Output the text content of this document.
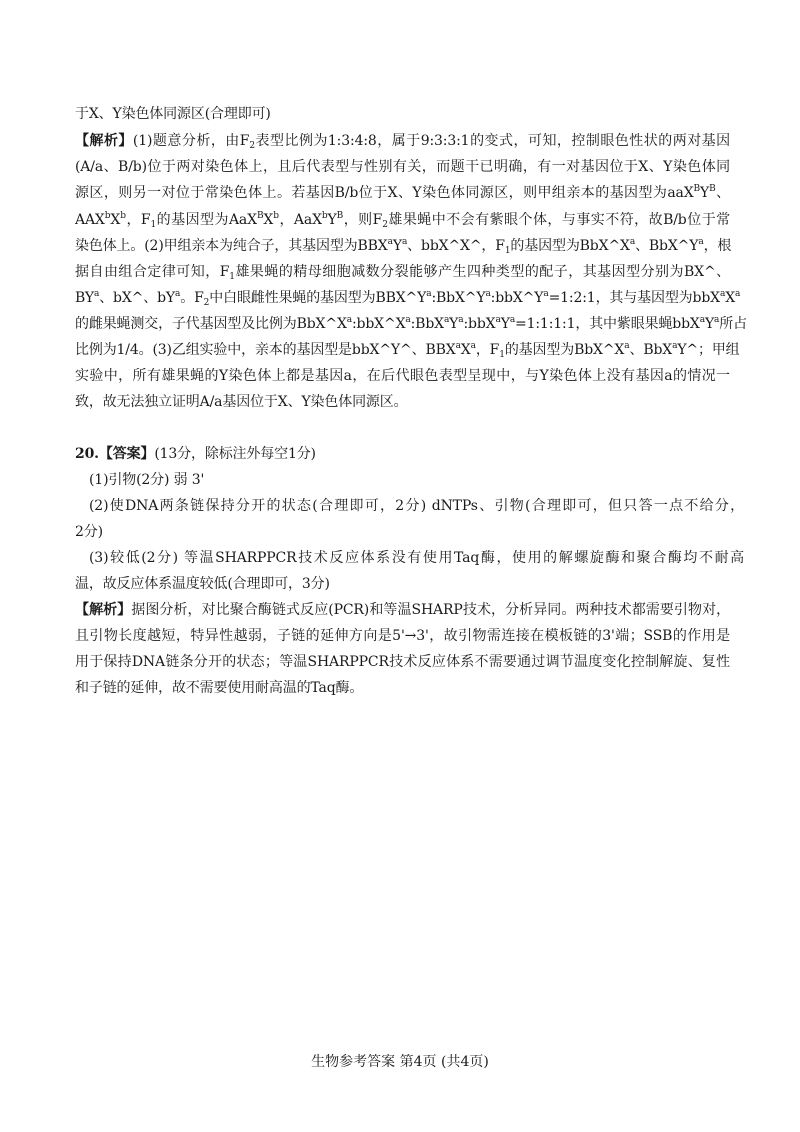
于X、Y染色体同源区(合理即可)
【解析】(1)题意分析，由$F_2$表型比例为1:3:4:8，属于9:3:3:1的变式，可知，控制眼色性状的两对基因
(A/a、B/b)位于两对染色体上，且后代表型与性别有关，而题干已明确，有一对基因位于X、Y染色体同
源区，则另一对位于常染色体上。若基因B/b位于X、Y染色体同源区，则甲组亲本的基因型为$aaX^BY^B$、
$AAX^bX^b$，$F_1$的基因型为$AaX^BX^b$，$AaX^bY^B$，则$F_2$雄果蝇中不会有紫眼个体，与事实不符，故B/b位于常
染色体上。(2)甲组亲本为纯合子，其基因型为$BBX^aY^a$、bbX^X^，$F_1$的基因型为$BbX\^{}X^a$、$BbX\^{}Y^a$，根
据自由组合定律可知，$F_1$雄果蝇的精母细胞减数分裂能够产生四种类型的配子，其基因型分别为BX^、
$BY^a$、bX^、$bY^a$。$F_2$中白眼雌性果蝇的基因型为$BBX\^{}Y^a:BbX\^{}Y^a:bbX\^{}Y^a=1:2:1$，其与基因型为$bbX^aX^a$
的雌果蝇测交，子代基因型及比例为$BbX\^{}X^a:bbX\^{}X^a:BbX^aY^a:bbX^aY^a=1:1:1:1$，其中紫眼果蝇$bbX^aY^a$所占
比例为1/4。(3)乙组实验中，亲本的基因型是bbX^Y^、$BBX^aX^a$，$F_1$的基因型为$BbX\^{}X^a$、BbX$^a$Y^；甲组
实验中，所有雄果蝇的Y染色体上都是基因a，在后代眼色表型呈现中，与Y染色体上没有基因a的情况一
致，故无法独立证明A/a基因位于X、Y染色体同源区。
20.【答案】(13分，除标注外每空1分)
(1)引物(2分) 弱 3'
(2)使DNA两条链保持分开的状态(合理即可，2分) dNTPs、引物(合理即可，但只答一点不给分，
2分)
(3)较低(2分) 等温SHARPPCR技术反应体系没有使用Taq酶，使用的解螺旋酶和聚合酶均不耐高
温，故反应体系温度较低(合理即可，3分)
【解析】据图分析，对比聚合酶链式反应(PCR)和等温SHARP技术，分析异同。两种技术都需要引物对，
且引物长度越短，特异性越弱，子链的延伸方向是5'→3'，故引物需连接在模板链的3'端；SSB的作用是
用于保持DNA链条分开的状态；等温SHARPPCR技术反应体系不需要通过调节温度变化控制解旋、复性
和子链的延伸，故不需要使用耐高温的Taq酶。
生物参考答案 第4页 (共4页)
